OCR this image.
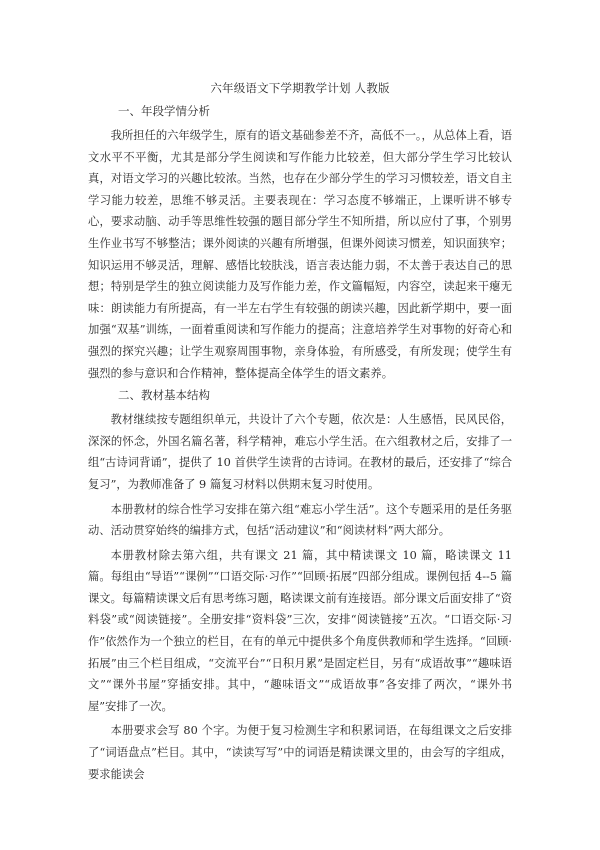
六年级语文下学期教学计划 人教版
一、年段学情分析

我所担任的六年级学生，原有的语文基础参差不齐，高低不一。，从总体上看，语文水平不平衡，尤其是部分学生阅读和写作能力比较差，但大部分学生学习比较认真，对语文学习的兴趣比较浓。当然，也存在少部分学生的学习习惯较差，语文自主学习能力较差，思维不够灵活。主要表现在：学习态度不够端正，上课听讲不够专心，要求动脑、动手等思维性较强的题目部分学生不知所措，所以应付了事，个别男生作业书写不够整洁；课外阅读的兴趣有所增强，但课外阅读习惯差，知识面狭窄；知识运用不够灵活，理解、感悟比较肤浅，语言表达能力弱，不太善于表达自己的思想；特别是学生的独立阅读能力及写作能力差，作文篇幅短，内容空，读起来干瘪无味：朗读能力有所提高，有一半左右学生有较强的朗读兴趣，因此新学期中，要一面加强“双基”训练，一面着重阅读和写作能力的提高；注意培养学生对事物的好奇心和强烈的探究兴趣；让学生观察周围事物，亲身体验，有所感受，有所发现；使学生有强烈的参与意识和合作精神，整体提高全体学生的语文素养。

二、教材基本结构

教材继续按专题组织单元，共设计了六个专题，依次是：人生感悟，民风民俗，深深的怀念，外国名篇名著，科学精神，难忘小学生活。在六组教材之后，安排了一组“古诗词背诵”，提供了 10 首供学生读背的古诗词。在教材的最后，还安排了“综合复习”，为教师准备了 9 篇复习材料以供期末复习时使用。

本册教材的综合性学习安排在第六组“难忘小学生活”。这个专题采用的是任务驱动、活动贯穿始终的编排方式，包括“活动建议”和“阅读材料”两大部分。

本册教材除去第六组，共有课文 21 篇，其中精读课文 10 篇，略读课文 11 篇。每组由“导语”“课例”“口语交际·习作”“回顾·拓展”四部分组成。课例包括 4--5 篇课文。每篇精读课文后有思考练习题，略读课文前有连接语。部分课文后面安排了“资料袋”或“阅读链接”。全册安排“资料袋”三次，安排“阅读链接”五次。“口语交际·习作”依然作为一个独立的栏目，在有的单元中提供多个角度供教师和学生选择。“回顾·拓展”由三个栏目组成，“交流平台”“日积月累”是固定栏目，另有“成语故事”“趣味语文”“课外书屋”穿插安排。其中，“趣味语文”“成语故事”各安排了两次，“课外书屋”安排了一次。

本册要求会写 80 个字。为便于复习检测生字和积累词语，在每组课文之后安排了“词语盘点”栏目。其中，“读读写写”中的词语是精读课文里的，由会写的字组成，要求能读会
